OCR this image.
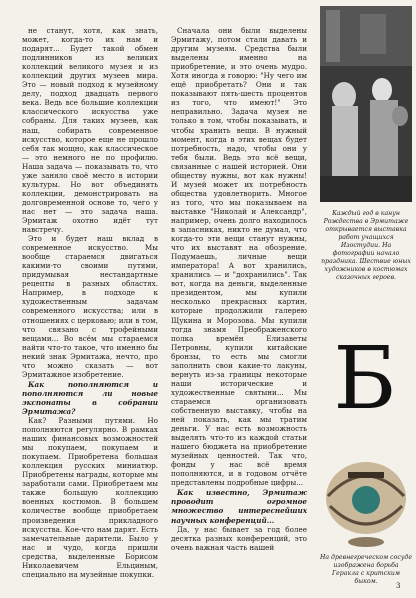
не станут, хотя, как знать, может, когда-то их нам и подарят... Будет такой обмен подлинников из великих коллекций великого музея и из коллекций других музеев мира. Это — новый подход к музейному делу, подход двадцать первого века. Ведь все большие коллекции классического искусства уже собраны. Для таких музеев, как наш, собирать современное искусство, которое еще не прошло себя так мощно, как классическое — это немного не по профилю. Наша задача — показывать то, что уже заняло своё место в истории культуры. Но вот объединять коллекции, демонстрировать на долговременной основе то, чего у нас нет — это задача наша. Эрмитаж охотно идёт тут навстречу.

Это и будет наш вклад в современное искусство. Мы вообще стараемся двигаться какими-то своими путями, придумывая нестандартные рецепты в разных областях. Например, в подходе к художественным задачам современного искусства; или в отношениях с церковью; или в том, что связано с трофейными вещами... Во всём мы стараемся найти что-то такое, что именно бы некий знак Эрмитажа, нечто, про что можно сказать — вот Эрмитажное изобретение.

Как пополняются и пополняются ли новые экспонаты в собрании Эрмитажа?

Как? Разными путями. Но пополняются регулярно. В рамках наших финансовых возможностей мы покупаем, покупаем и покупаем. Приобретена большая коллекция русских миниатюр. Приобретены награды, которые мы заработали сами. Приобретаем мы также большую коллекцию военных костюмов. В большем количестве вообще приобретаем произведения прикладного искусства. Кое-что нам дарят. Есть замечательные дарители. Было у нас и чудо, когда пришли средства, выделенные Борисом Николаевичем Ельциным, специально на музейные покупки.

Сначала они были выделены Эрмитажу, потом стали давать и другим музеям. Средства были выделены именно на приобретение, и это очень мудро. Хотя иногда я говорю: "Ну чего им ещё приобретать? Они и так показывают пять-шесть процентов из того, что имеют!" Это неправильно. Задача музея не только в том, чтобы показывать, и чтобы хранить вещи. В нужный момент, когда в этих вещах будет потребность, надо, чтобы они у тебя были. Ведь это всё вещи, связанные с нашей историей. Они обществу нужны, вот как нужны! И музей может их потребность общества удовлетворить. Многое из того, что мы показываем на выставке "Николай и Александр", например, очень долго находилось в запасниках, никто не думал, что когда-то эти вещи станут нужны, что их выставят на обозрение. Подумаешь, личные вещи императора! А вот хранились, хранились — и "дохранились". Так вот, когда на деньги, выделенные президентом, мы купили несколько прекрасных картин, которые продолжили галерею Щукина и Морозова. Мы купили тогда знамя Преображенского полка времён Елизаветы Петровны, купили китайские бронзы, то есть мы смогли заполнить свои какие-то лакуны, вернуть из-за границы некоторые наши исторические и художественные святыни... Мы стараемся организовать собственную выставку, чтобы на ней показать, как мы тратим деньги. У нас есть возможность выделять что-то из каждой статьи нашего бюджета на приобретение музейных ценностей. Так что, фонды у нас всё время пополняются, и в годовом отчёте представлены подробные цифры...

Как известно, Эрмитаж проводит огромное множество интереснейших научных конференций...

Да, у нас бывает за год более десятка разных конференций, это очень важная часть нашей

Каждый год в канун Рождества в Эрмитаже открывается выставка работ учащихся Изостудии. На фотографии начало праздника. Шествие юных художников в костюмах сказочных героев.
Б
На древнегреческом сосуде изображена борьба Геракла с критским быком.
3
